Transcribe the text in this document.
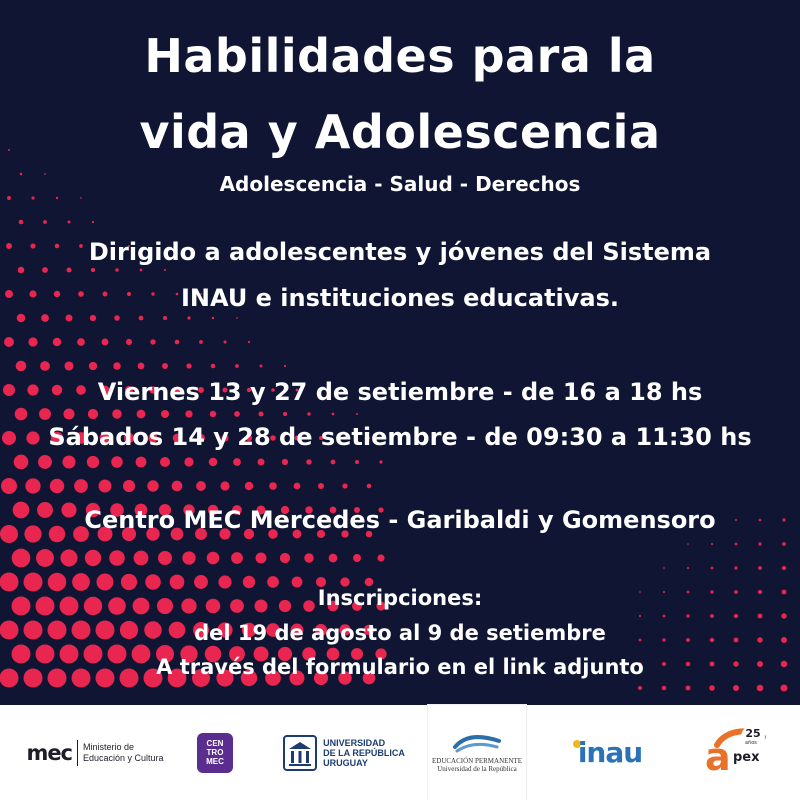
Habilidades para la
vida y Adolescencia
Adolescencia - Salud - Derechos
Dirigido a adolescentes y jóvenes del Sistema
INAU e instituciones educativas.
Viernes 13 y 27 de setiembre - de 16 a 18 hs
Sábados 14 y 28 de setiembre - de 09:30 a 11:30 hs
Centro MEC Mercedes - Garibaldi y Gomensoro
Inscripciones:
del 19 de agosto al 9 de setiembre
A través del formulario en el link adjunto
mec Ministerio de
Educación y Cultura
CEN
TRO
MEC
UNIVERSIDAD
DE LA REPÚBLICA
URUGUAY	EDUCACIÓN PERMANENTE
Universidad de la República inau a pex
25
años
